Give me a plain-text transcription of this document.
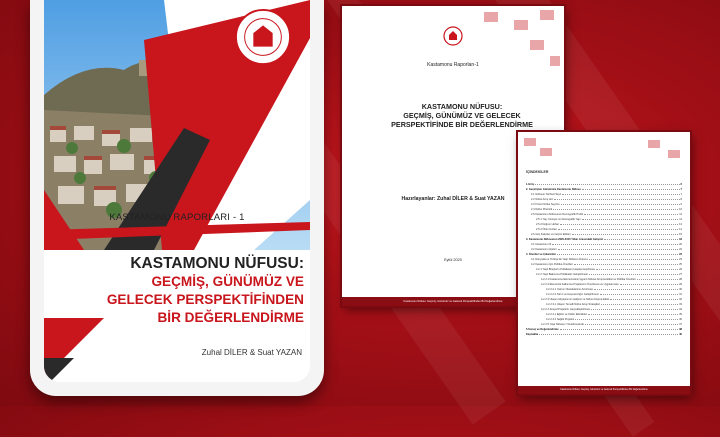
KASTAMONU RAPORLARI - 1
KASTAMONU NÜFUSU:
GEÇMİŞ, GÜNÜMÜZ VE
GELECEK PERSPEKTİFİNDEN
BİR DEĞERLENDİRME
Zuhal DİLER & Suat YAZAN
Kastamonu Raporları-1
KASTAMONU NÜFUSU:
GEÇMİŞ, GÜNÜMÜZ VE GELECEK
PERSPEKTİFİNDE BİR DEĞERLENDİRME
Hazırlayanlar: Zuhal DİLER & Suat YAZAN
Eylül 2020
Kastamonu Nüfusu: Geçmiş, Günümüz ve Gelecek Perspektifinden Bir Değerlendirme
İÇİNDEKİLER
1.Giriş	6
2. Geçmişten Günümüze Kastamonu Nüfusu	7
2.1 Nüfusun Tarihsel Seyri	7
2.2 Nüfus Artış Hızı	8
2.3 İl Kent Nüfus Seyrine	9
2.4 Nüfus Piramidi	10
2.5 Kastamonu Nüfusunun Demografik Profili	11
2.5.1 Yaş, Cinsiyet ve Demografik Yapı	11
2.5.2 Doğum Hızları	13
2.5.3 Ölüm Hızları	14
2.6 Göç Kalıpları ve Göçün Etkileri	15
3. Kastamonu Nüfusunun 2020-2100 Yılları Arasındaki Gelişimi	18
3.1 Kastamonu İli	20
3.2 Kastamonu İlçeleri	22
4. Öneriler ve Çıkarımlar	23
4.1 Dünyada ve Türkiye'de Yaşlı Nüfusun Durumu	23
4.2 Kastamonu İçin Politika Önerileri	25
4.2.1 Yaşlı Bireylerin Politikasını Hayata Geçirilmesi	26
4.2.2 Yaşlı Bakımına Politikaları Geliştirilmesi	27
4.2.2.1 Kastamonu Ekonomisinin İşgücü Nüfusu Artışına Etkisi ve Politika Önerileri	28
4.2.2.2 Ekonomik Kalkınma Projelerinin Önerilmesi ve Uygulanması	29
4.2.2.2.1 Yatırım Olanaklarının Artırılması	30
4.2.2.2.2 Tarım ve Hayvancılığın Geliştirilmesi	31
4.2.2.3 Ulaşım Altyapısının Gelişimi ve Nüfus Artışına Etkisi	32
4.2.2.3.1 Ulaşım Temelli Nüfus Artışı Stratejileri	33
4.2.2.4 Sosyal Projelerin Gerçekleştirilmesi	34
4.2.2.4.1 Eğitim ve Kültür Etkinlikleri	35
4.2.2.4.2 Sağlık Projeleri	36
4.2.2.5 Yaşlı Nüfusun Yönetilmesinde	37
5.Sonuç ve Değerlendirme	38
Kaynaklar	40
Kastamonu Nüfusu: Geçmiş, Günümüz ve Gelecek Perspektifinden Bir Değerlendirme
